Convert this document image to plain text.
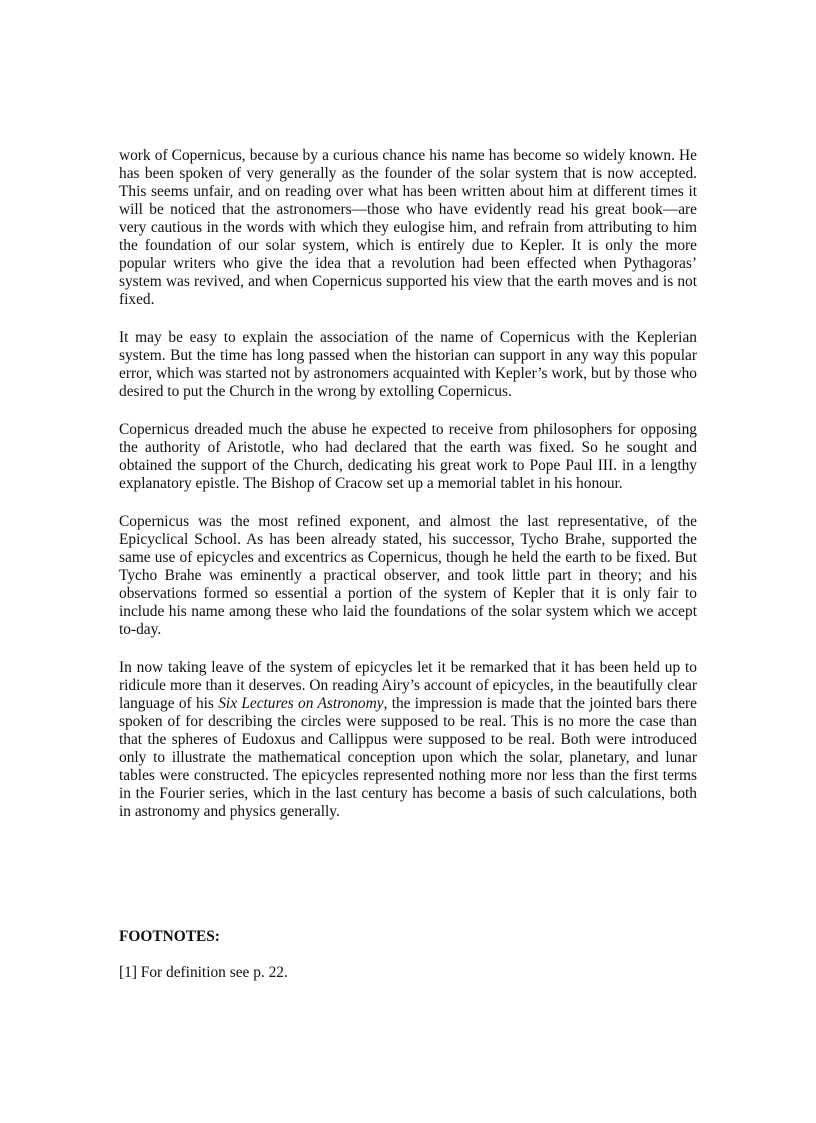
work of Copernicus, because by a curious chance his name has become so widely known. He has been spoken of very generally as the founder of the solar system that is now accepted. This seems unfair, and on reading over what has been written about him at different times it will be noticed that the astronomers—those who have evidently read his great book—are very cautious in the words with which they eulogise him, and refrain from attributing to him the foundation of our solar system, which is entirely due to Kepler. It is only the more popular writers who give the idea that a revolution had been effected when Pythagoras’ system was revived, and when Copernicus supported his view that the earth moves and is not fixed.

It may be easy to explain the association of the name of Copernicus with the Keplerian system. But the time has long passed when the historian can support in any way this popular error, which was started not by astronomers acquainted with Kepler’s work, but by those who desired to put the Church in the wrong by extolling Copernicus.

Copernicus dreaded much the abuse he expected to receive from philosophers for opposing the authority of Aristotle, who had declared that the earth was fixed. So he sought and obtained the support of the Church, dedicating his great work to Pope Paul III. in a lengthy explanatory epistle. The Bishop of Cracow set up a memorial tablet in his honour.

Copernicus was the most refined exponent, and almost the last representative, of the Epicyclical School. As has been already stated, his successor, Tycho Brahe, supported the same use of epicycles and excentrics as Copernicus, though he held the earth to be fixed. But Tycho Brahe was eminently a practical observer, and took little part in theory; and his observations formed so essential a portion of the system of Kepler that it is only fair to include his name among these who laid the foundations of the solar system which we accept to-day.

In now taking leave of the system of epicycles let it be remarked that it has been held up to ridicule more than it deserves. On reading Airy’s account of epicycles, in the beautifully clear language of his Six Lectures on Astronomy, the impression is made that the jointed bars there spoken of for describing the circles were supposed to be real. This is no more the case than that the spheres of Eudoxus and Callippus were supposed to be real. Both were introduced only to illustrate the mathematical conception upon which the solar, planetary, and lunar tables were constructed. The epicycles represented nothing more nor less than the first terms in the Fourier series, which in the last century has become a basis of such calculations, both in astronomy and physics generally.

FOOTNOTES:

[1] For definition see p. 22.
